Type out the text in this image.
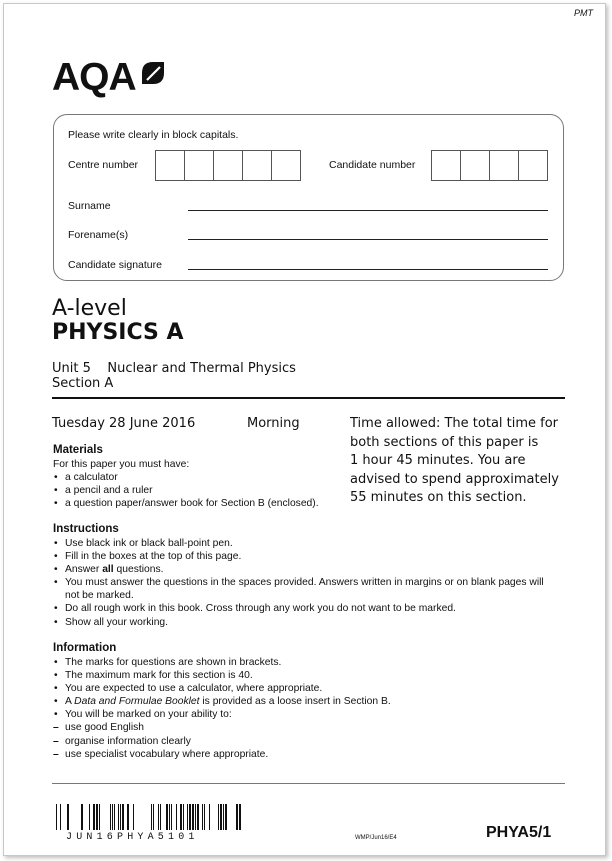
PMT
AQA
Please write clearly in block capitals.
Centre number	Candidate number
Surname
Forename(s)
Candidate signature
A-level
PHYSICS A
Unit 5    Nuclear and Thermal Physics
Section A
Tuesday 28 June 2016	Morning	Time allowed: The total time for
both sections of this paper is
1 hour 45 minutes. You are
advised to spend approximately
55 minutes on this section.
Materials
For this paper you must have:
• a calculator
• a pencil and a ruler
• a question paper/answer book for Section B (enclosed).
Instructions
• Use black ink or black ball-point pen.
• Fill in the boxes at the top of this page.
• Answer all questions.
• You must answer the questions in the spaces provided. Answers written in margins or on blank pages will not be marked.
• Do all rough work in this book. Cross through any work you do not want to be marked.
• Show all your working.
Information
• The marks for questions are shown in brackets.
• The maximum mark for this section is 40.
• You are expected to use a calculator, where appropriate.
• A Data and Formulae Booklet is provided as a loose insert in Section B.
• You will be marked on your ability to:
– use good English
– organise information clearly
– use specialist vocabulary where appropriate.
JUN16PHYA5101	WMP/Jun16/E4	PHYA5/1
